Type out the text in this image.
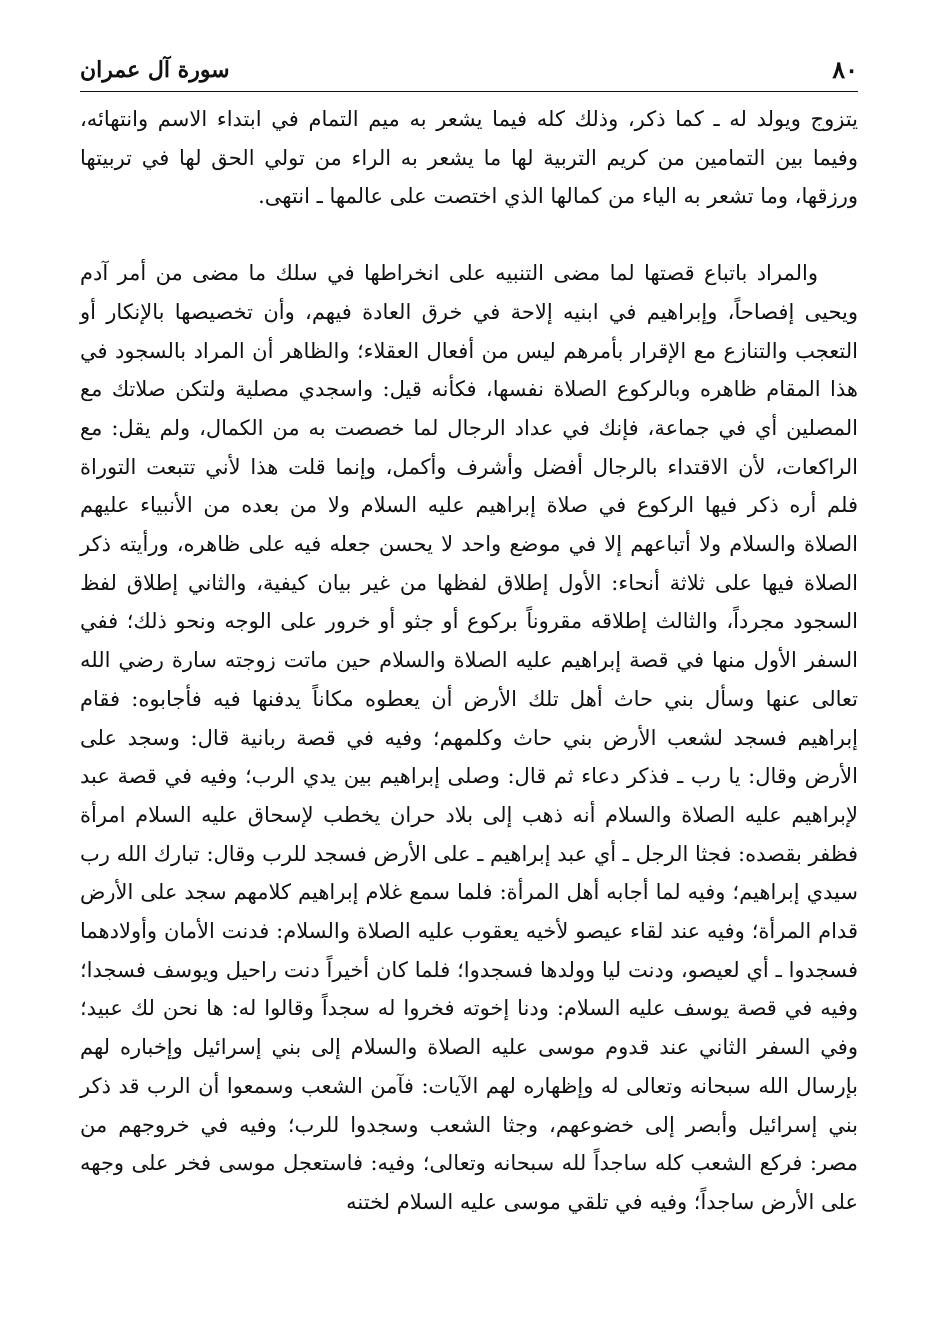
٨٠
سورة آل عمران

يتزوج ويولد له ـ كما ذكر، وذلك كله فيما يشعر به ميم التمام في ابتداء الاسم وانتهائه، وفيما بين التمامين من كريم التربية لها ما يشعر به الراء من تولي الحق لها في تربيتها ورزقها، وما تشعر به الياء من كمالها الذي اختصت على عالمها ـ انتهى.

والمراد باتباع قصتها لما مضى التنبيه على انخراطها في سلك ما مضى من أمر آدم ويحيى إفصاحاً، وإبراهيم في ابنيه إلاحة في خرق العادة فيهم، وأن تخصيصها بالإنكار أو التعجب والتنازع مع الإقرار بأمرهم ليس من أفعال العقلاء؛ والظاهر أن المراد بالسجود في هذا المقام ظاهره وبالركوع الصلاة نفسها، فكأنه قيل: واسجدي مصلية ولتكن صلاتك مع المصلين أي في جماعة، فإنك في عداد الرجال لما خصصت به من الكمال، ولم يقل: مع الراكعات، لأن الاقتداء بالرجال أفضل وأشرف وأكمل، وإنما قلت هذا لأني تتبعت التوراة فلم أره ذكر فيها الركوع في صلاة إبراهيم عليه السلام ولا من بعده من الأنبياء عليهم الصلاة والسلام ولا أتباعهم إلا في موضع واحد لا يحسن جعله فيه على ظاهره، ورأيته ذكر الصلاة فيها على ثلاثة أنحاء: الأول إطلاق لفظها من غير بيان كيفية، والثاني إطلاق لفظ السجود مجرداً، والثالث إطلاقه مقروناً بركوع أو جثو أو خرور على الوجه ونحو ذلك؛ ففي السفر الأول منها في قصة إبراهيم عليه الصلاة والسلام حين ماتت زوجته سارة رضي الله تعالى عنها وسأل بني حاث أهل تلك الأرض أن يعطوه مكاناً يدفنها فيه فأجابوه: فقام إبراهيم فسجد لشعب الأرض بني حاث وكلمهم؛ وفيه في قصة ربانية قال: وسجد على الأرض وقال: يا رب ـ فذكر دعاء ثم قال: وصلى إبراهيم بين يدي الرب؛ وفيه في قصة عبد لإبراهيم عليه الصلاة والسلام أنه ذهب إلى بلاد حران يخطب لإسحاق عليه السلام امرأة فظفر بقصده: فجثا الرجل ـ أي عبد إبراهيم ـ على الأرض فسجد للرب وقال: تبارك الله رب سيدي إبراهيم؛ وفيه لما أجابه أهل المرأة: فلما سمع غلام إبراهيم كلامهم سجد على الأرض قدام المرأة؛ وفيه عند لقاء عيصو لأخيه يعقوب عليه الصلاة والسلام: فدنت الأمان وأولادهما فسجدوا ـ أي لعيصو، ودنت ليا وولدها فسجدوا؛ فلما كان أخيراً دنت راحيل ويوسف فسجدا؛ وفيه في قصة يوسف عليه السلام: ودنا إخوته فخروا له سجداً وقالوا له: ها نحن لك عبيد؛ وفي السفر الثاني عند قدوم موسى عليه الصلاة والسلام إلى بني إسرائيل وإخباره لهم بإرسال الله سبحانه وتعالى له وإظهاره لهم الآيات: فآمن الشعب وسمعوا أن الرب قد ذكر بني إسرائيل وأبصر إلى خضوعهم، وجثا الشعب وسجدوا للرب؛ وفيه في خروجهم من مصر: فركع الشعب كله ساجداً لله سبحانه وتعالى؛ وفيه: فاستعجل موسى فخر على وجهه على الأرض ساجداً؛ وفيه في تلقي موسى عليه السلام لختنه
